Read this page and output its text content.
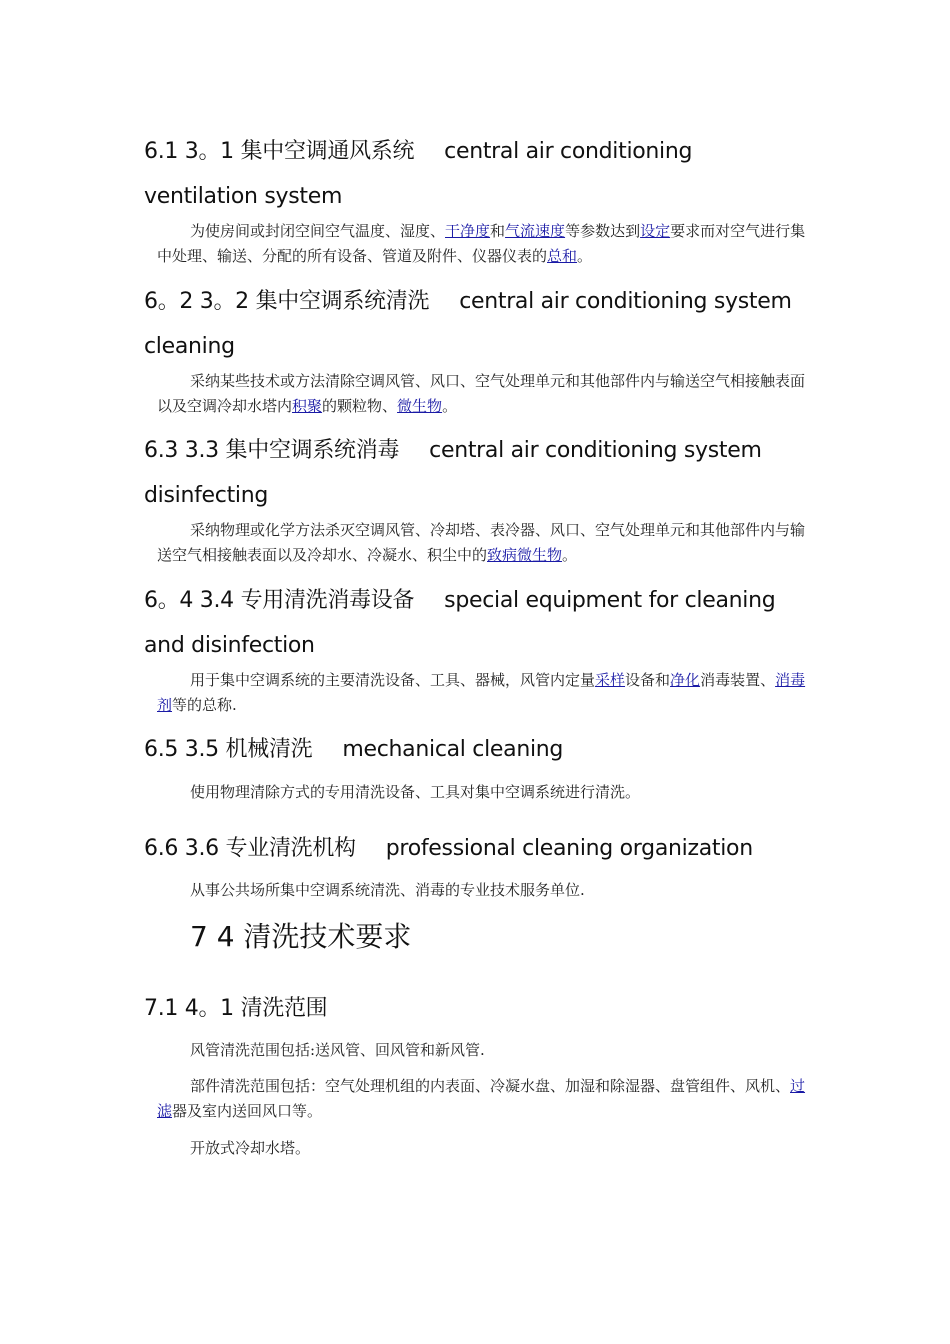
6.1 3。1 集中空调通风系统 central air conditioning
ventilation system
为使房间或封闭空间空气温度、湿度、干净度和气流速度等参数达到设定要求而对空气进行集中处理、输送、分配的所有设备、管道及附件、仪器仪表的总和。
6。2 3。2 集中空调系统清洗 central air conditioning system
cleaning
采纳某些技术或方法清除空调风管、风口、空气处理单元和其他部件内与输送空气相接触表面以及空调冷却水塔内积聚的颗粒物、微生物。
6.3 3.3 集中空调系统消毒 central air conditioning system
disinfecting
采纳物理或化学方法杀灭空调风管、冷却塔、表冷器、风口、空气处理单元和其他部件内与输送空气相接触表面以及冷却水、冷凝水、积尘中的致病微生物。
6。4 3.4 专用清洗消毒设备 special equipment for cleaning
and disinfection
用于集中空调系统的主要清洗设备、工具、器械，风管内定量采样设备和净化消毒装置、消毒剂等的总称.
6.5 3.5 机械清洗 mechanical cleaning
使用物理清除方式的专用清洗设备、工具对集中空调系统进行清洗。
6.6 3.6 专业清洗机构 professional cleaning organization
从事公共场所集中空调系统清洗、消毒的专业技术服务单位.
7 4 清洗技术要求
7.1 4。1 清洗范围
风管清洗范围包括:送风管、回风管和新风管.
部件清洗范围包括：空气处理机组的内表面、冷凝水盘、加湿和除湿器、盘管组件、风机、过滤器及室内送回风口等。
开放式冷却水塔。
